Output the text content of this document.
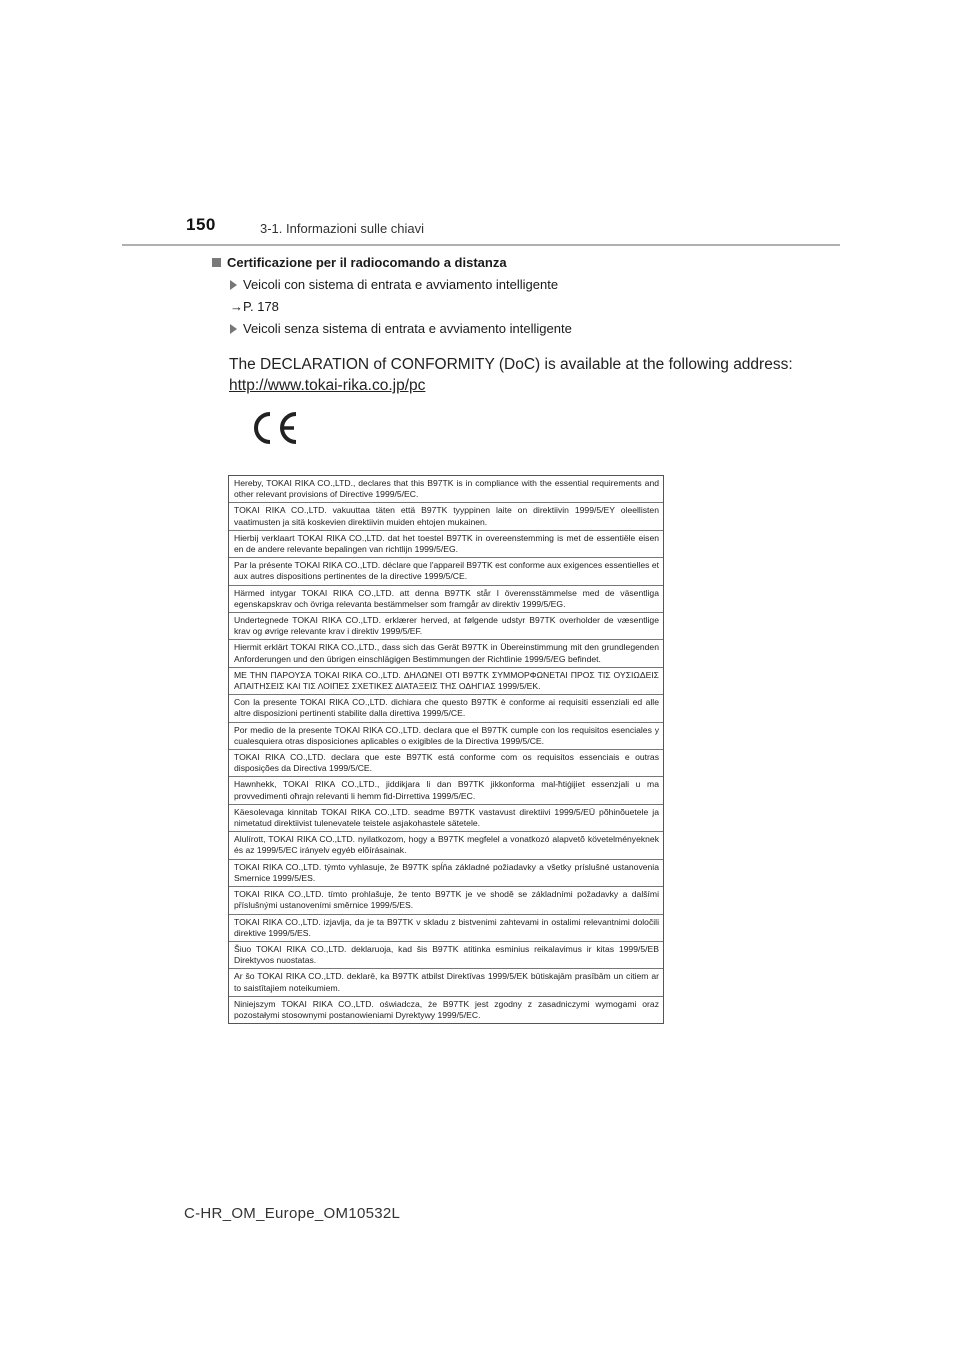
150	3-1. Informazioni sulle chiavi
Certificazione per il radiocomando a distanza
Veicoli con sistema di entrata e avviamento intelligente
→P. 178
Veicoli senza sistema di entrata e avviamento intelligente
The DECLARATION of CONFORMITY (DoC) is available at the following address:
http://www.tokai-rika.co.jp/pc
Hereby, TOKAI RIKA CO.,LTD., declares that this B97TK is in compliance with the essential requirements and other relevant provisions of Directive 1999/5/EC.
TOKAI RIKA CO.,LTD. vakuuttaa täten että B97TK tyyppinen laite on direktiivin 1999/5/EY oleellisten vaatimusten ja sitä koskevien direktiivin muiden ehtojen mukainen.
Hierbij verklaart TOKAI RIKA CO.,LTD. dat het toestel B97TK in overeenstemming is met de essentiële eisen en de andere relevante bepalingen van richtlijn 1999/5/EG.
Par la présente TOKAI RIKA CO.,LTD. déclare que l'appareil B97TK est conforme aux exigences essentielles et aux autres dispositions pertinentes de la directive 1999/5/CE.
Härmed intygar TOKAI RIKA CO.,LTD. att denna B97TK står I överensstämmelse med de väsentliga egenskapskrav och övriga relevanta bestämmelser som framgår av direktiv 1999/5/EG.
Undertegnede TOKAI RIKA CO.,LTD. erklærer herved, at følgende udstyr B97TK overholder de væsentlige krav og øvrige relevante krav i direktiv 1999/5/EF.
Hiermit erklärt TOKAI RIKA CO.,LTD., dass sich das Gerät B97TK in Übereinstimmung mit den grundlegenden Anforderungen und den übrigen einschlägigen Bestimmungen der Richtlinie 1999/5/EG befindet.
ΜΕ ΤΗΝ ΠΑΡΟΥΣΑ TOKAI RIKA CO.,LTD. ΔΗΛΩΝΕΙ ΟΤΙ B97TK ΣΥΜΜΟΡΦΩΝΕΤΑΙ ΠΡΟΣ ΤΙΣ ΟΥΣΙΩΔΕΙΣ ΑΠΑΙΤΗΣΕΙΣ ΚΑΙ ΤΙΣ ΛΟΙΠΕΣ ΣΧΕΤΙΚΕΣ ΔΙΑΤΑΞΕΙΣ ΤΗΣ ΟΔΗΓΙΑΣ 1999/5/ΕΚ.
Con la presente TOKAI RIKA CO.,LTD. dichiara che questo B97TK è conforme ai requisiti essenziali ed alle altre disposizioni pertinenti stabilite dalla direttiva 1999/5/CE.
Por medio de la presente TOKAI RIKA CO.,LTD. declara que el B97TK cumple con los requisitos esenciales y cualesquiera otras disposiciones aplicables o exigibles de la Directiva 1999/5/CE.
TOKAI RIKA CO.,LTD. declara que este B97TK está conforme com os requisitos essenciais e outras disposições da Directiva 1999/5/CE.
Hawnhekk, TOKAI RIKA CO.,LTD., jiddikjara li dan B97TK jikkonforma mal-ħtiġijiet essenzjali u ma provvedimenti oħrajn relevanti li hemm fid-Dirrettiva 1999/5/EC.
Käesolevaga kinnitab TOKAI RIKA CO.,LTD. seadme B97TK vastavust direktiivi 1999/5/EÜ põhinõuetele ja nimetatud direktiivist tulenevatele teistele asjakohastele sätetele.
Alulírott, TOKAI RIKA CO.,LTD. nyilatkozom, hogy a B97TK megfelel a vonatkozó alapvetõ követelményeknek és az 1999/5/EC irányelv egyéb elõírásainak.
TOKAI RIKA CO.,LTD. týmto vyhlasuje, že B97TK spĺňa základné požiadavky a všetky príslušné ustanovenia Smernice 1999/5/ES.
TOKAI RIKA CO.,LTD. tímto prohlašuje, že tento B97TK je ve shodě se základními požadavky a dalšími příslušnými ustanoveními směrnice 1999/5/ES.
TOKAI RIKA CO.,LTD. izjavlja, da je ta B97TK v skladu z bistvenimi zahtevami in ostalimi relevantnimi določili direktive 1999/5/ES.
Šiuo TOKAI RIKA CO.,LTD. deklaruoja, kad šis B97TK atitinka esminius reikalavimus ir kitas 1999/5/EB Direktyvos nuostatas.
Ar šo TOKAI RIKA CO.,LTD. deklarē, ka B97TK atbilst Direktīvas 1999/5/EK būtiskajām prasībām un citiem ar to saistītajiem noteikumiem.
Niniejszym TOKAI RIKA CO.,LTD. oświadcza, że B97TK jest zgodny z zasadniczymi wymogami oraz pozostałymi stosownymi postanowieniami Dyrektywy 1999/5/EC.
C-HR_OM_Europe_OM10532L
